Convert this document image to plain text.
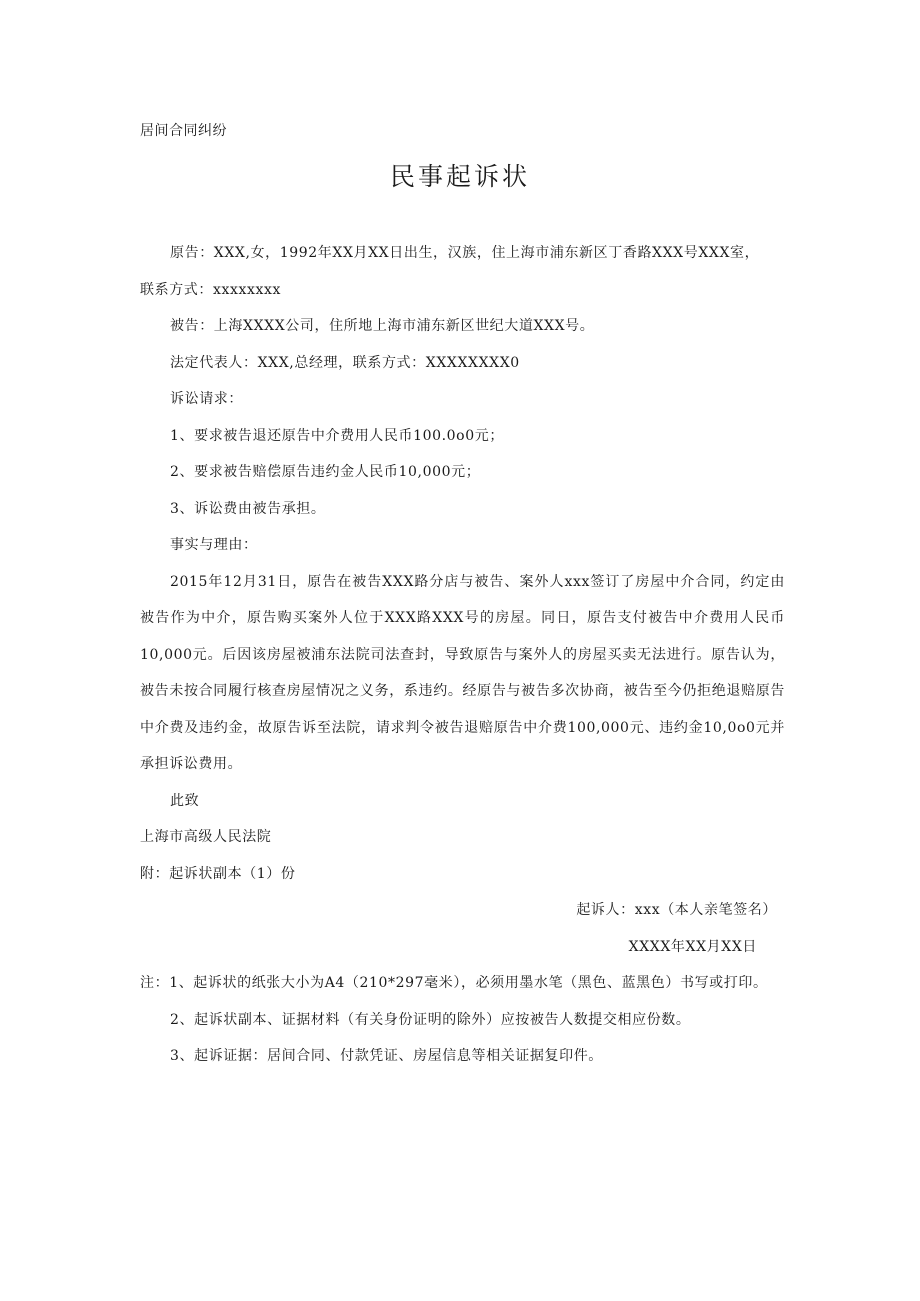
居间合同纠纷
民事起诉状

原告：XXX,女，1992年XX月XX日出生，汉族，住上海市浦东新区丁香路XXX号XXX室，

联系方式：xxxxxxxx

被告：上海XXXX公司，住所地上海市浦东新区世纪大道XXX号。

法定代表人：XXX,总经理，联系方式：XXXXXXXX0

诉讼请求：

1、要求被告退还原告中介费用人民币100.0o0元；

2、要求被告赔偿原告违约金人民币10,000元；

3、诉讼费由被告承担。

事实与理由：

2015年12月31日，原告在被告XXX路分店与被告、案外人xxx签订了房屋中介合同，约定由被告作为中介，原告购买案外人位于XXX路XXX号的房屋。同日，原告支付被告中介费用人民币10,000元。后因该房屋被浦东法院司法查封，导致原告与案外人的房屋买卖无法进行。原告认为，被告未按合同履行核查房屋情况之义务，系违约。经原告与被告多次协商，被告至今仍拒绝退赔原告中介费及违约金，故原告诉至法院，请求判令被告退赔原告中介费100,000元、违约金10,0o0元并承担诉讼费用。

此致

上海市高级人民法院

附：起诉状副本（1）份

起诉人：xxx（本人亲笔签名）

XXXX年XX月XX日

注：1、起诉状的纸张大小为A4（210*297毫米），必须用墨水笔（黑色、蓝黑色）书写或打印。

2、起诉状副本、证据材料（有关身份证明的除外）应按被告人数提交相应份数。

3、起诉证据：居间合同、付款凭证、房屋信息等相关证据复印件。
